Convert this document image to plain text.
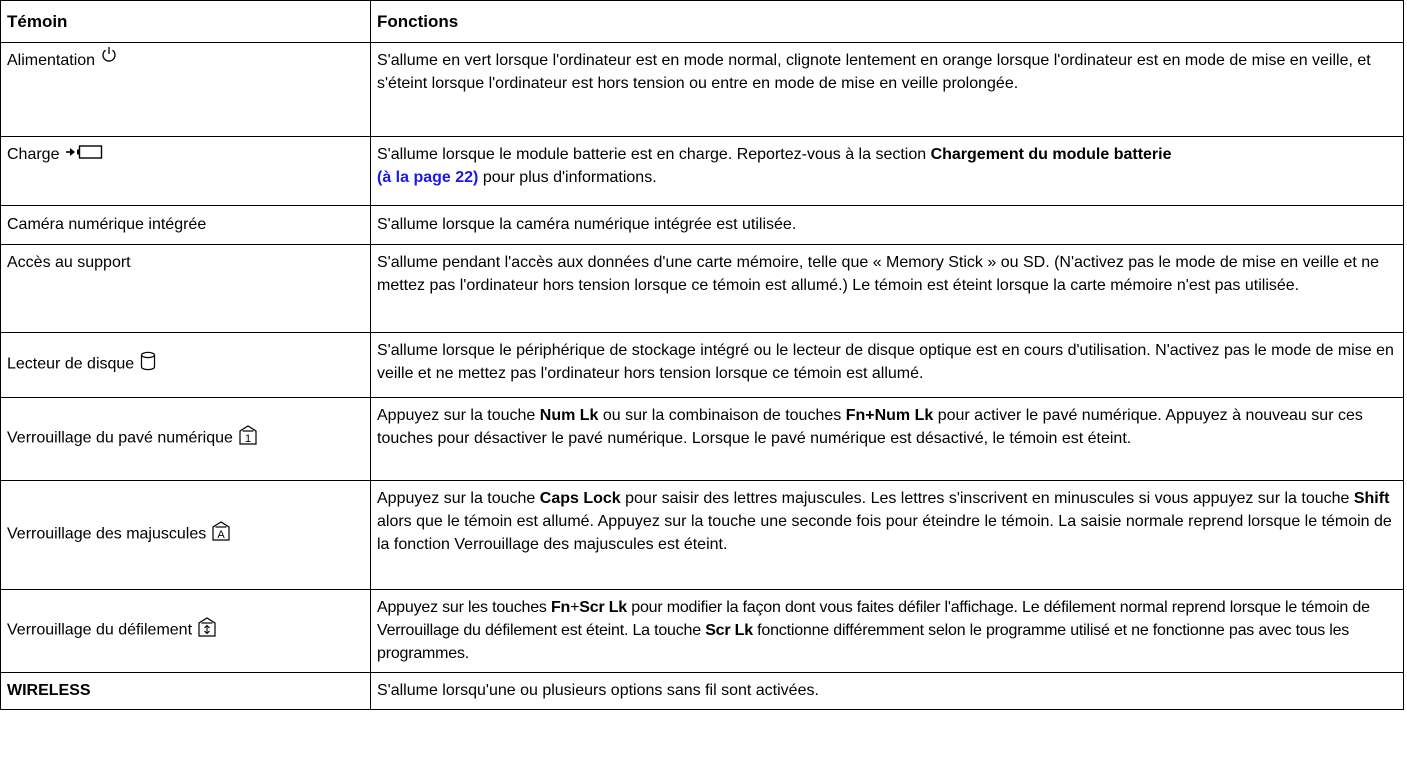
Témoin	Fonctions
Alimentation	S'allume en vert lorsque l'ordinateur est en mode normal, clignote lentement en orange lorsque l'ordinateur est en mode de mise en veille, et s'éteint lorsque l'ordinateur est hors tension ou entre en mode de mise en veille prolongée.
Charge	S'allume lorsque le module batterie est en charge. Reportez-vous à la section Chargement du module batterie
(à la page 22) pour plus d'informations.
Caméra numérique intégrée	S'allume lorsque la caméra numérique intégrée est utilisée.
Accès au support	S'allume pendant l'accès aux données d'une carte mémoire, telle que « Memory Stick » ou SD. (N'activez pas le mode de mise en veille et ne mettez pas l'ordinateur hors tension lorsque ce témoin est allumé.) Le témoin est éteint lorsque la carte mémoire n'est pas utilisée.
Lecteur de disque	S'allume lorsque le périphérique de stockage intégré ou le lecteur de disque optique est en cours d'utilisation. N'activez pas le mode de mise en veille et ne mettez pas l'ordinateur hors tension lorsque ce témoin est allumé.
Verrouillage du pavé numérique 1	Appuyez sur la touche Num Lk ou sur la combinaison de touches Fn+Num Lk pour activer le pavé numérique. Appuyez à nouveau sur ces touches pour désactiver le pavé numérique. Lorsque le pavé numérique est désactivé, le témoin est éteint.
Verrouillage des majuscules A	Appuyez sur la touche Caps Lock pour saisir des lettres majuscules. Les lettres s'inscrivent en minuscules si vous appuyez sur la touche Shift alors que le témoin est allumé. Appuyez sur la touche une seconde fois pour éteindre le témoin. La saisie normale reprend lorsque le témoin de la fonction Verrouillage des majuscules est éteint.
Verrouillage du défilement	Appuyez sur les touches Fn+Scr Lk pour modifier la façon dont vous faites défiler l'affichage. Le défilement normal reprend lorsque le témoin de Verrouillage du défilement est éteint. La touche Scr Lk fonctionne différemment selon le programme utilisé et ne fonctionne pas avec tous les programmes.
WIRELESS	S'allume lorsqu'une ou plusieurs options sans fil sont activées.
